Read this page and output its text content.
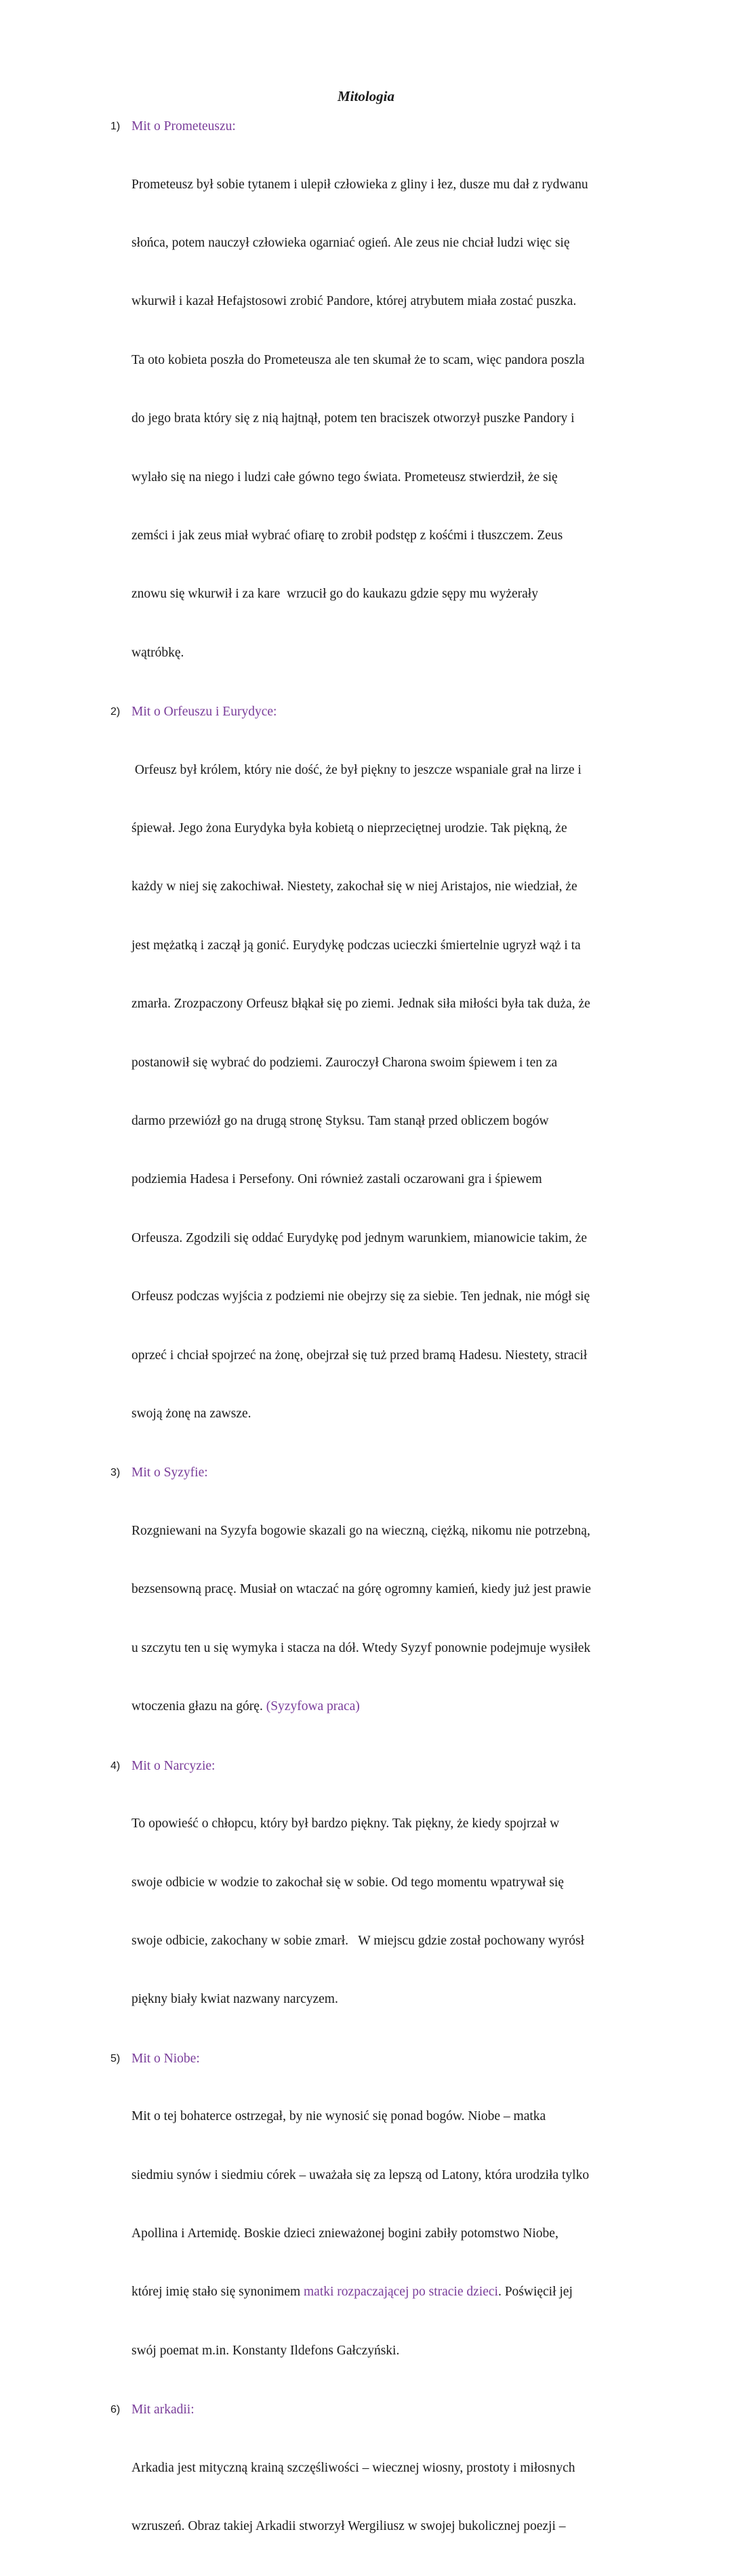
Mitologia
1) Mit o Prometeuszu:

Prometeusz był sobie tytanem i ulepił człowieka z gliny i łez, dusze mu dał z rydwanu

słońca, potem nauczył człowieka ogarniać ogień. Ale zeus nie chciał ludzi więc się

wkurwił i kazał Hefajstosowi zrobić Pandore, której atrybutem miała zostać puszka.

Ta oto kobieta poszła do Prometeusza ale ten skumał że to scam, więc pandora poszla

do jego brata który się z nią hajtnął, potem ten braciszek otworzył puszke Pandory i

wylało się na niego i ludzi całe gówno tego świata. Prometeusz stwierdził, że się

zemści i jak zeus miał wybrać ofiarę to zrobił podstęp z kośćmi i tłuszczem. Zeus

znowu się wkurwił i za kare  wrzucił go do kaukazu gdzie sępy mu wyżerały

wątróbkę.

2) Mit o Orfeuszu i Eurydyce:

Orfeusz był królem, który nie dość, że był piękny to jeszcze wspaniale grał na lirze i

śpiewał. Jego żona Eurydyka była kobietą o nieprzeciętnej urodzie. Tak piękną, że

każdy w niej się zakochiwał. Niestety, zakochał się w niej Aristajos, nie wiedział, że

jest mężatką i zaczął ją gonić. Eurydykę podczas ucieczki śmiertelnie ugryzł wąż i ta

zmarła. Zrozpaczony Orfeusz błąkał się po ziemi. Jednak siła miłości była tak duża, że

postanowił się wybrać do podziemi. Zauroczył Charona swoim śpiewem i ten za

darmo przewiózł go na drugą stronę Styksu. Tam stanął przed obliczem bogów

podziemia Hadesa i Persefony. Oni również zastali oczarowani gra i śpiewem

Orfeusza. Zgodzili się oddać Eurydykę pod jednym warunkiem, mianowicie takim, że

Orfeusz podczas wyjścia z podziemi nie obejrzy się za siebie. Ten jednak, nie mógł się

oprzeć i chciał spojrzeć na żonę, obejrzał się tuż przed bramą Hadesu. Niestety, stracił

swoją żonę na zawsze.

3) Mit o Syzyfie:

Rozgniewani na Syzyfa bogowie skazali go na wieczną, ciężką, nikomu nie potrzebną,

bezsensowną pracę. Musiał on wtaczać na górę ogromny kamień, kiedy już jest prawie

u szczytu ten u się wymyka i stacza na dół. Wtedy Syzyf ponownie podejmuje wysiłek

wtoczenia głazu na górę. (Syzyfowa praca)

4) Mit o Narcyzie:

To opowieść o chłopcu, który był bardzo piękny. Tak piękny, że kiedy spojrzał w

swoje odbicie w wodzie to zakochał się w sobie. Od tego momentu wpatrywał się

swoje odbicie, zakochany w sobie zmarł.   W miejscu gdzie został pochowany wyrósł

piękny biały kwiat nazwany narcyzem.

5) Mit o Niobe:

Mit o tej bohaterce ostrzegał, by nie wynosić się ponad bogów. Niobe – matka

siedmiu synów i siedmiu córek – uważała się za lepszą od Latony, która urodziła tylko

Apollina i Artemidę. Boskie dzieci znieważonej bogini zabiły potomstwo Niobe,

której imię stało się synonimem matki rozpaczającej po stracie dzieci. Poświęcił jej

swój poemat m.in. Konstanty Ildefons Gałczyński.

6) Mit arkadii:

Arkadia jest mityczną krainą szczęśliwości – wiecznej wiosny, prostoty i miłosnych

wzruszeń. Obraz takiej Arkadii stworzył Wergiliusz w swojej bukolicznej poezji –
